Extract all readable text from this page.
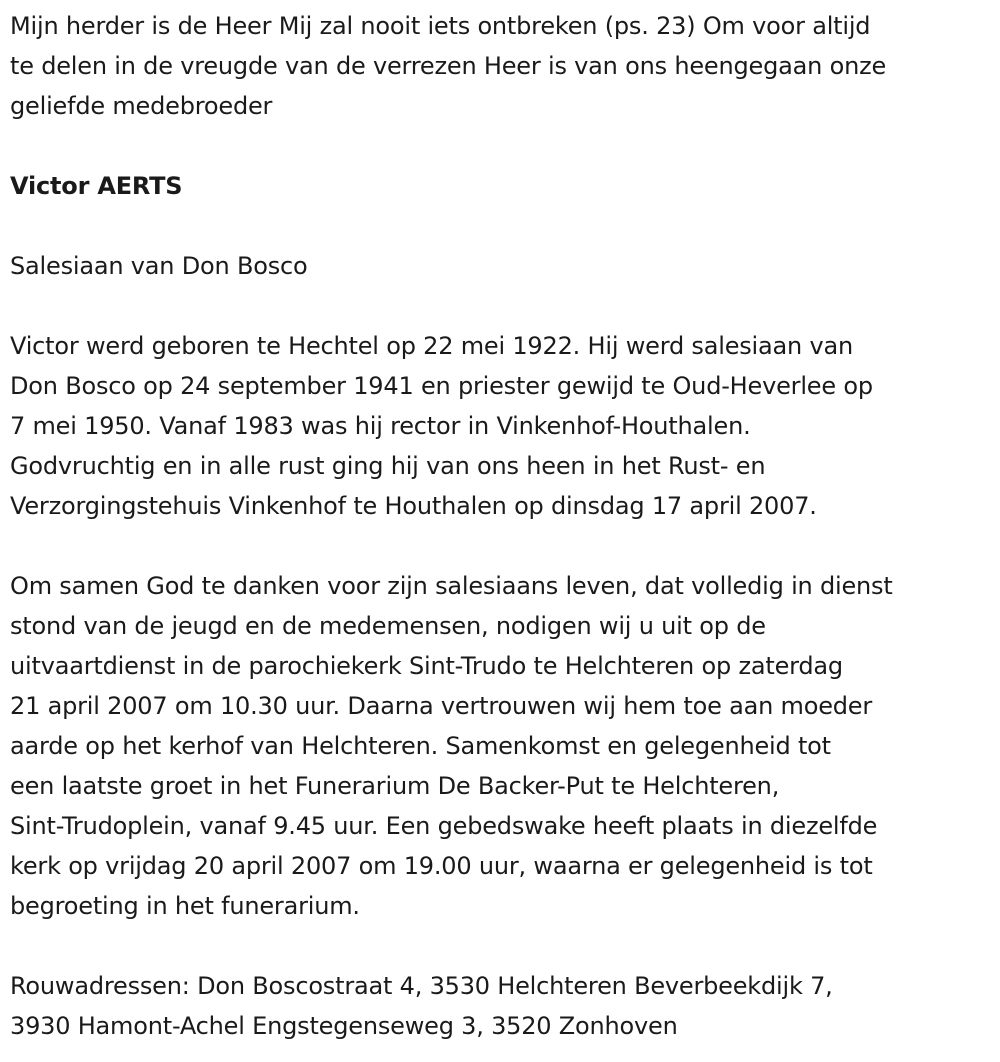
Mijn herder is de Heer Mij zal nooit iets ontbreken (ps. 23) Om voor altijd
te delen in de vreugde van de verrezen Heer is van ons heengegaan onze
geliefde medebroeder

Victor AERTS

Salesiaan van Don Bosco

Victor werd geboren te Hechtel op 22 mei 1922. Hij werd salesiaan van
Don Bosco op 24 september 1941 en priester gewijd te Oud-Heverlee op
7 mei 1950. Vanaf 1983 was hij rector in Vinkenhof-Houthalen.
Godvruchtig en in alle rust ging hij van ons heen in het Rust- en
Verzorgingstehuis Vinkenhof te Houthalen op dinsdag 17 april 2007.

Om samen God te danken voor zijn salesiaans leven, dat volledig in dienst
stond van de jeugd en de medemensen, nodigen wij u uit op de
uitvaartdienst in de parochiekerk Sint-Trudo te Helchteren op zaterdag
21 april 2007 om 10.30 uur. Daarna vertrouwen wij hem toe aan moeder
aarde op het kerhof van Helchteren. Samenkomst en gelegenheid tot
een laatste groet in het Funerarium De Backer-Put te Helchteren,
Sint-Trudoplein, vanaf 9.45 uur. Een gebedswake heeft plaats in diezelfde
kerk op vrijdag 20 april 2007 om 19.00 uur, waarna er gelegenheid is tot
begroeting in het funerarium.

Rouwadressen: Don Boscostraat 4, 3530 Helchteren Beverbeekdijk 7,
3930 Hamont-Achel Engstegenseweg 3, 3520 Zonhoven
